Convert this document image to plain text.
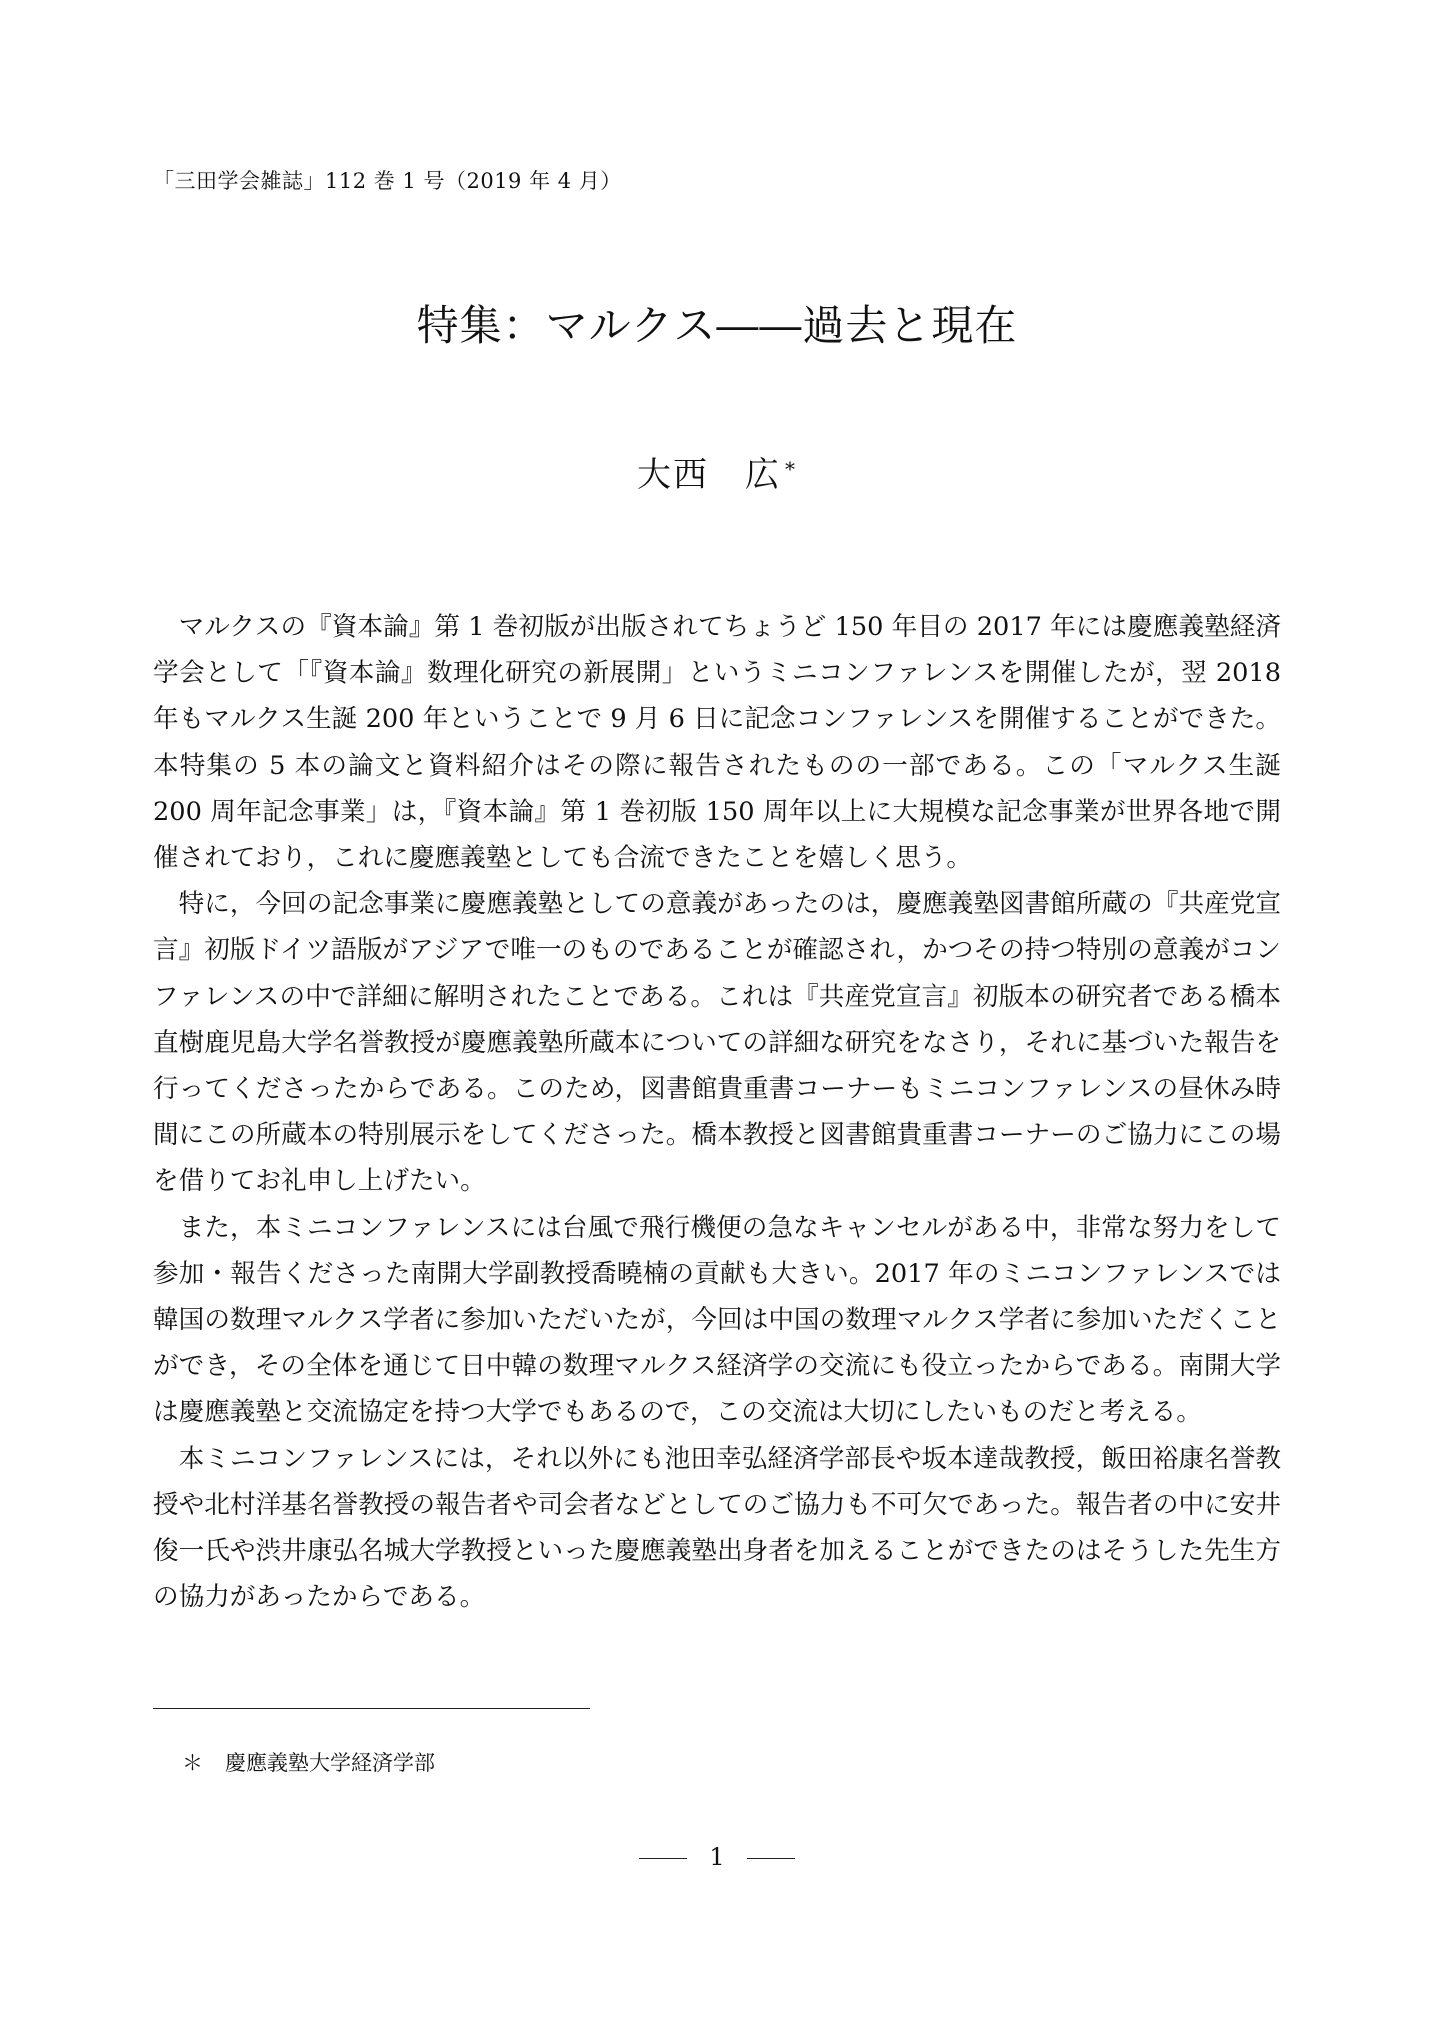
「三田学会雑誌」112 巻 1 号（2019 年 4 月）
特集：マルクス――過去と現在
大西　広 *

マルクスの『資本論』第 1 巻初版が出版されてちょうど 150 年目の 2017 年には慶應義塾経済学会として「『資本論』数理化研究の新展開」というミニコンファレンスを開催したが，翌 2018 年もマルクス生誕 200 年ということで 9 月 6 日に記念コンファレンスを開催することができた。本特集の 5 本の論文と資料紹介はその際に報告されたものの一部である。この「マルクス生誕 200 周年記念事業」は，『資本論』第 1 巻初版 150 周年以上に大規模な記念事業が世界各地で開催されており，これに慶應義塾としても合流できたことを嬉しく思う。

特に，今回の記念事業に慶應義塾としての意義があったのは，慶應義塾図書館所蔵の『共産党宣言』初版ドイツ語版がアジアで唯一のものであることが確認され，かつその持つ特別の意義がコンファレンスの中で詳細に解明されたことである。これは『共産党宣言』初版本の研究者である橋本直樹鹿児島大学名誉教授が慶應義塾所蔵本についての詳細な研究をなさり，それに基づいた報告を行ってくださったからである。このため，図書館貴重書コーナーもミニコンファレンスの昼休み時間にこの所蔵本の特別展示をしてくださった。橋本教授と図書館貴重書コーナーのご協力にこの場を借りてお礼申し上げたい。

また，本ミニコンファレンスには台風で飛行機便の急なキャンセルがある中，非常な努力をして参加・報告くださった南開大学副教授喬曉楠の貢献も大きい。2017 年のミニコンファレンスでは韓国の数理マルクス学者に参加いただいたが，今回は中国の数理マルクス学者に参加いただくことができ，その全体を通じて日中韓の数理マルクス経済学の交流にも役立ったからである。南開大学は慶應義塾と交流協定を持つ大学でもあるので，この交流は大切にしたいものだと考える。

本ミニコンファレンスには，それ以外にも池田幸弘経済学部長や坂本達哉教授，飯田裕康名誉教授や北村洋基名誉教授の報告者や司会者などとしてのご協力も不可欠であった。報告者の中に安井俊一氏や渋井康弘名城大学教授といった慶應義塾出身者を加えることができたのはそうした先生方の協力があったからである。

＊ 慶應義塾大学経済学部
1
